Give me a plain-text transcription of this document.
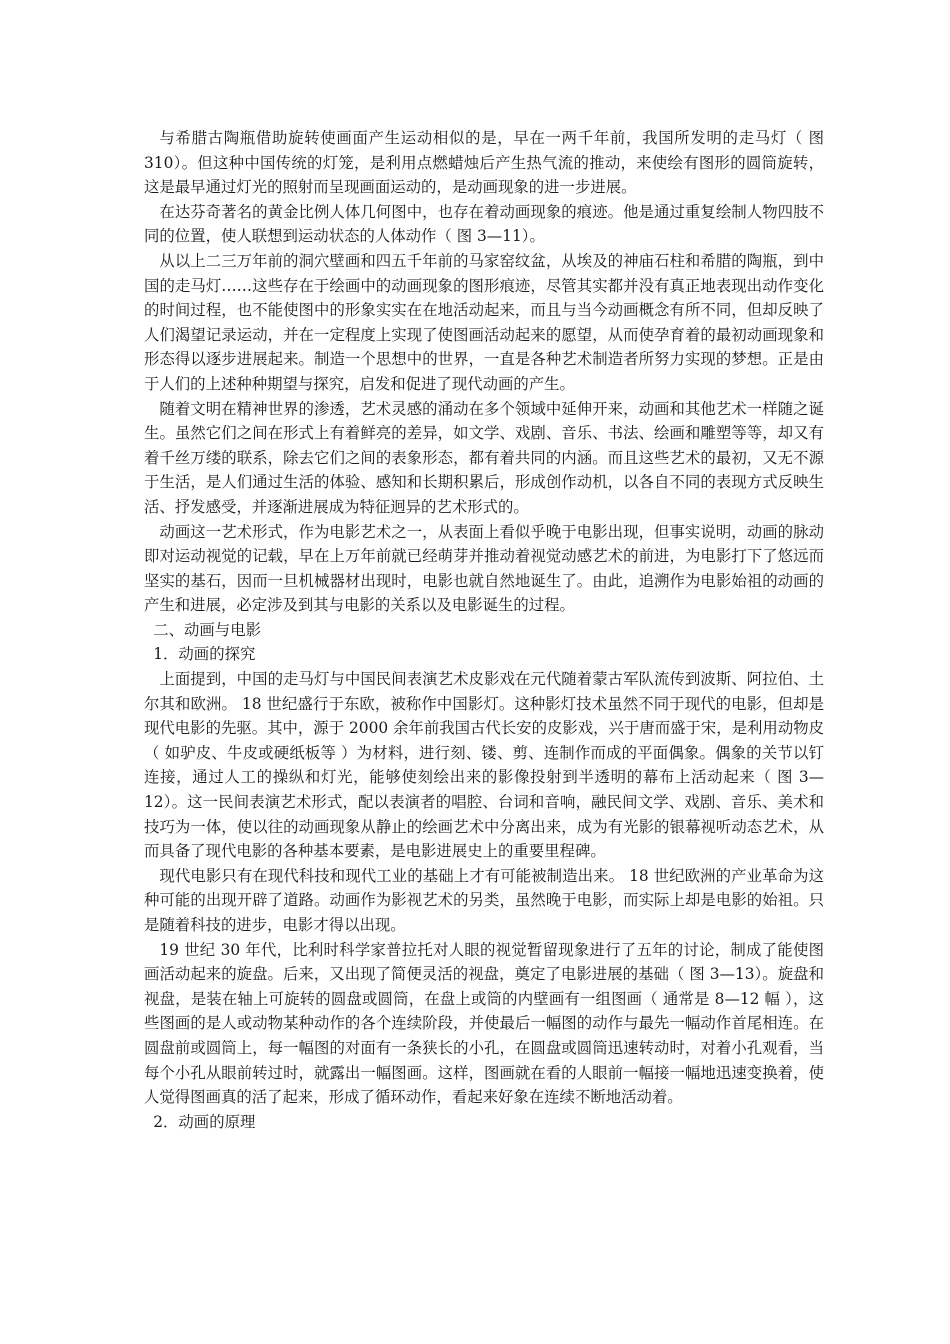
与希腊古陶瓶借助旋转使画面产生运动相似的是，早在一两千年前，我国所发明的走马灯（ 图 310）。但这种中国传统的灯笼，是利用点燃蜡烛后产生热气流的推动，来使绘有图形的圆筒旋转，这是最早通过灯光的照射而呈现画面运动的，是动画现象的进一步进展。

在达芬奇著名的黄金比例人体几何图中，也存在着动画现象的痕迹。他是通过重复绘制人物四肢不同的位置，使人联想到运动状态的人体动作（ 图 3—11）。

从以上二三万年前的洞穴壁画和四五千年前的马家窑纹盆，从埃及的神庙石柱和希腊的陶瓶，到中国的走马灯……这些存在于绘画中的动画现象的图形痕迹，尽管其实都并没有真正地表现出动作变化的时间过程，也不能使图中的形象实实在在地活动起来，而且与当今动画概念有所不同，但却反映了人们渴望记录运动，并在一定程度上实现了使图画活动起来的愿望，从而使孕育着的最初动画现象和形态得以逐步进展起来。制造一个思想中的世界，一直是各种艺术制造者所努力实现的梦想。正是由于人们的上述种种期望与探究，启发和促进了现代动画的产生。

随着文明在精神世界的渗透，艺术灵感的涌动在多个领域中延伸开来，动画和其他艺术一样随之诞生。虽然它们之间在形式上有着鲜亮的差异，如文学、戏剧、音乐、书法、绘画和雕塑等等，却又有着千丝万缕的联系，除去它们之间的表象形态，都有着共同的内涵。而且这些艺术的最初，又无不源于生活，是人们通过生活的体验、感知和长期积累后，形成创作动机，以各自不同的表现方式反映生活、抒发感受，并逐渐进展成为特征迥异的艺术形式的。

动画这一艺术形式，作为电影艺术之一，从表面上看似乎晚于电影出现，但事实说明，动画的脉动即对运动视觉的记载，早在上万年前就已经萌芽并推动着视觉动感艺术的前进，为电影打下了悠远而坚实的基石，因而一旦机械器材出现时，电影也就自然地诞生了。由此，追溯作为电影始祖的动画的产生和进展，必定涉及到其与电影的关系以及电影诞生的过程。

二、动画与电影

1．动画的探究

上面提到，中国的走马灯与中国民间表演艺术皮影戏在元代随着蒙古军队流传到波斯、阿拉伯、土尔其和欧洲。 18 世纪盛行于东欧，被称作中国影灯。这种影灯技术虽然不同于现代的电影，但却是现代电影的先驱。其中，源于 2000 余年前我国古代长安的皮影戏，兴于唐而盛于宋，是利用动物皮（ 如驴皮、牛皮或硬纸板等 ）为材料，进行刻、镂、剪、连制作而成的平面偶象。偶象的关节以钉连接，通过人工的操纵和灯光，能够使刻绘出来的影像投射到半透明的幕布上活动起来（ 图 3—12）。这一民间表演艺术形式，配以表演者的唱腔、台词和音响，融民间文学、戏剧、音乐、美术和技巧为一体，使以往的动画现象从静止的绘画艺术中分离出来，成为有光影的银幕视听动态艺术，从而具备了现代电影的各种基本要素，是电影进展史上的重要里程碑。

现代电影只有在现代科技和现代工业的基础上才有可能被制造出来。 18 世纪欧洲的产业革命为这种可能的出现开辟了道路。动画作为影视艺术的另类，虽然晚于电影，而实际上却是电影的始祖。只是随着科技的进步，电影才得以出现。

19 世纪 30 年代，比利时科学家普拉托对人眼的视觉暂留现象进行了五年的讨论，制成了能使图画活动起来的旋盘。后来，又出现了简便灵活的视盘，奠定了电影进展的基础（ 图 3—13）。旋盘和视盘，是装在轴上可旋转的圆盘或圆筒，在盘上或筒的内壁画有一组图画（ 通常是 8—12 幅 ），这些图画的是人或动物某种动作的各个连续阶段，并使最后一幅图的动作与最先一幅动作首尾相连。在圆盘前或圆筒上，每一幅图的对面有一条狭长的小孔，在圆盘或圆筒迅速转动时，对着小孔观看，当每个小孔从眼前转过时，就露出一幅图画。这样，图画就在看的人眼前一幅接一幅地迅速变换着，使人觉得图画真的活了起来，形成了循环动作，看起来好象在连续不断地活动着。

2．动画的原理
